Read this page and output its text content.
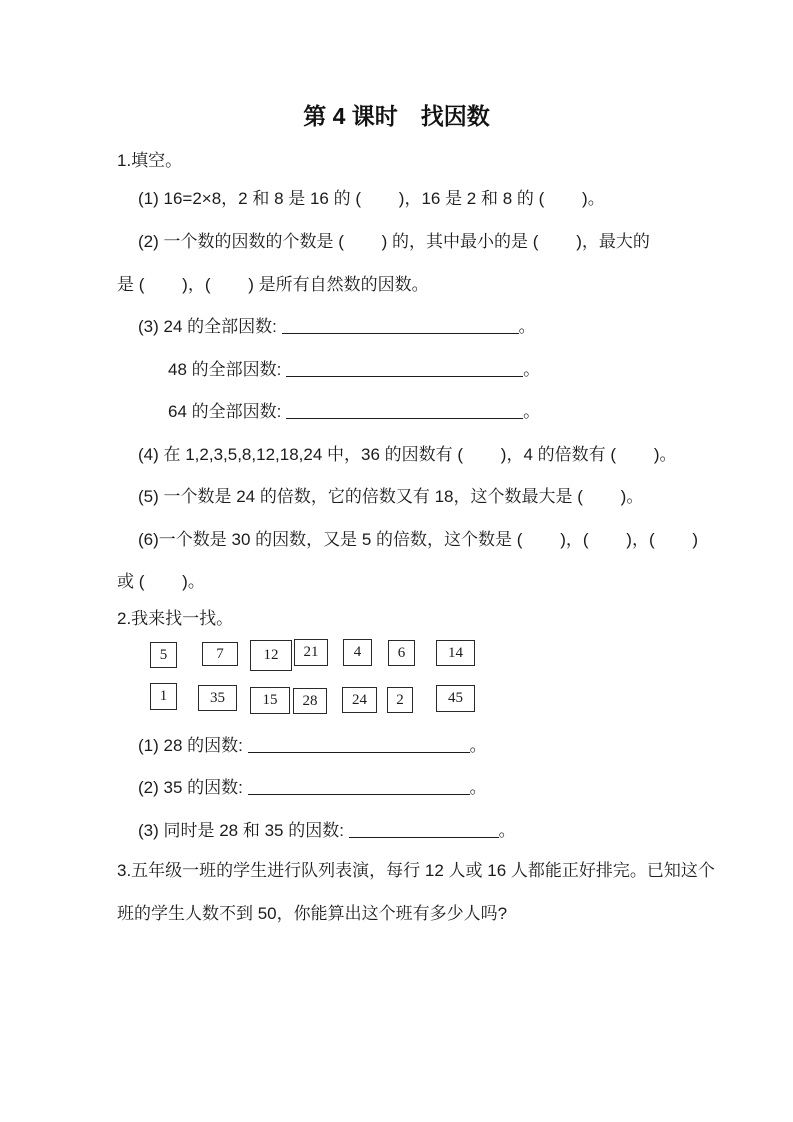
第 4 课时　找因数
1.填空。
(1) 16=2×8，2 和 8 是 16 的 (        )，16 是 2 和 8 的 (        )。
(2) 一个数的因数的个数是 (        ) 的，其中最小的是 (        )，最大的
是 (        )，(        ) 是所有自然数的因数。
(3) 24 的全部因数:	。
48 的全部因数:	。
64 的全部因数:	。
(4) 在 1,2,3,5,8,12,18,24 中，36 的因数有 (        )，4 的倍数有 (        )。
(5) 一个数是 24 的倍数，它的倍数又有 18，这个数最大是 (        )。
(6)一个数是 30 的因数，又是 5 的倍数，这个数是 (        )，(        )，(        )
或 (        )。
2.我来找一找。
5	7	12 21 4 6	14
1	35	15 28 24 2	45
(1) 28 的因数:	。
(2) 35 的因数:	。
(3) 同时是 28 和 35 的因数:	。
3.五年级一班的学生进行队列表演，每行 12 人或 16 人都能正好排完。已知这个
班的学生人数不到 50，你能算出这个班有多少人吗?
